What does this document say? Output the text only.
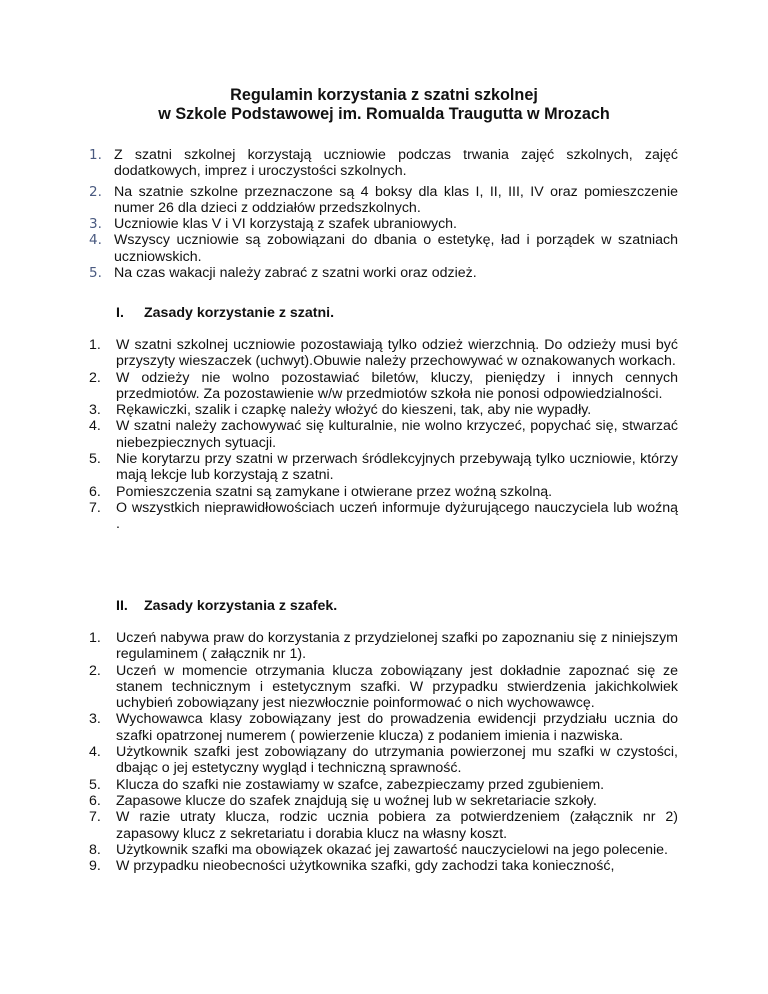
Regulamin korzystania z szatni szkolnej
w Szkole Podstawowej im. Romualda Traugutta w Mrozach
1. Z szatni szkolnej korzystają uczniowie podczas trwania zajęć szkolnych, zajęć dodatkowych, imprez i uroczystości szkolnych.
2. Na szatnie szkolne przeznaczone są 4 boksy dla klas I, II, III, IV oraz pomieszczenie numer 26 dla dzieci z oddziałów przedszkolnych.
3. Uczniowie klas V i VI korzystają z szafek ubraniowych.
4. Wszyscy uczniowie są zobowiązani do dbania o estetykę, ład i porządek w szatniach uczniowskich.
5. Na czas wakacji należy zabrać z szatni worki oraz odzież.
I. Zasady korzystanie z szatni.
1. W szatni szkolnej uczniowie pozostawiają tylko odzież wierzchnią. Do odzieży musi być przyszyty wieszaczek (uchwyt).Obuwie należy przechowywać w oznakowanych workach.
2. W odzieży nie wolno pozostawiać biletów, kluczy, pieniędzy i innych cennych przedmiotów. Za pozostawienie w/w przedmiotów szkoła nie ponosi odpowiedzialności.
3. Rękawiczki, szalik i czapkę należy włożyć do kieszeni, tak, aby nie wypadły.
4. W szatni należy zachowywać się kulturalnie, nie wolno krzyczeć, popychać się, stwarzać niebezpiecznych sytuacji.
5. Nie korytarzu przy szatni w przerwach śródlekcyjnych przebywają tylko uczniowie, którzy mają lekcje lub korzystają z szatni.
6. Pomieszczenia szatni są zamykane i otwierane przez woźną szkolną.
7. O wszystkich nieprawidłowościach uczeń informuje dyżurującego nauczyciela lub woźną .
II. Zasady korzystania z szafek.
1. Uczeń nabywa praw do korzystania z przydzielonej szafki po zapoznaniu się z niniejszym regulaminem ( załącznik nr 1).
2. Uczeń w momencie otrzymania klucza zobowiązany jest dokładnie zapoznać się ze stanem technicznym i estetycznym szafki. W przypadku stwierdzenia jakichkolwiek uchybień zobowiązany jest niezwłocznie poinformować o nich wychowawcę.
3. Wychowawca klasy zobowiązany jest do prowadzenia ewidencji przydziału ucznia do szafki opatrzonej numerem ( powierzenie klucza) z podaniem imienia i nazwiska.
4. Użytkownik szafki jest zobowiązany do utrzymania powierzonej mu szafki w czystości, dbając o jej estetyczny wygląd i techniczną sprawność.
5. Klucza do szafki nie zostawiamy w szafce, zabezpieczamy przed zgubieniem.
6. Zapasowe klucze do szafek znajdują się u woźnej lub w sekretariacie szkoły.
7. W razie utraty klucza, rodzic ucznia pobiera za potwierdzeniem (załącznik nr 2) zapasowy klucz z sekretariatu i dorabia klucz na własny koszt.
8. Użytkownik szafki ma obowiązek okazać jej zawartość nauczycielowi na jego polecenie.
9. W przypadku nieobecności użytkownika szafki, gdy zachodzi taka konieczność,
